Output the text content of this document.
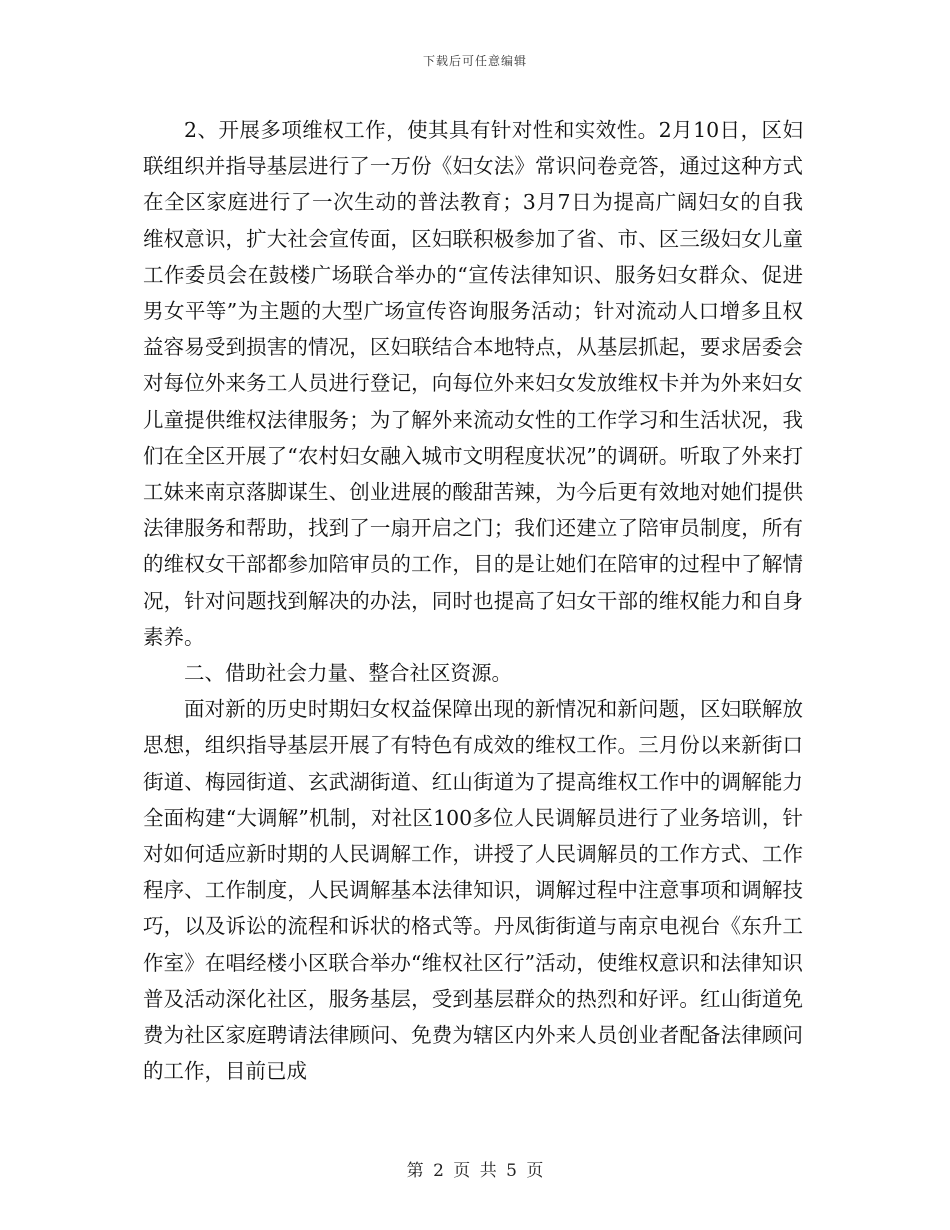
下载后可任意编辑

2、开展多项维权工作，使其具有针对性和实效性。2月10日，区妇联组织并指导基层进行了一万份《妇女法》常识问卷竞答，通过这种方式在全区家庭进行了一次生动的普法教育；3月7日为提高广阔妇女的自我维权意识，扩大社会宣传面，区妇联积极参加了省、市、区三级妇女儿童工作委员会在鼓楼广场联合举办的“宣传法律知识、服务妇女群众、促进男女平等”为主题的大型广场宣传咨询服务活动；针对流动人口增多且权益容易受到损害的情况，区妇联结合本地特点，从基层抓起，要求居委会对每位外来务工人员进行登记，向每位外来妇女发放维权卡并为外来妇女儿童提供维权法律服务；为了解外来流动女性的工作学习和生活状况，我们在全区开展了“农村妇女融入城市文明程度状况”的调研。听取了外来打工妹来南京落脚谋生、创业进展的酸甜苦辣，为今后更有效地对她们提供法律服务和帮助，找到了一扇开启之门；我们还建立了陪审员制度，所有的维权女干部都参加陪审员的工作，目的是让她们在陪审的过程中了解情况，针对问题找到解决的办法，同时也提高了妇女干部的维权能力和自身素养。

二、借助社会力量、整合社区资源。

面对新的历史时期妇女权益保障出现的新情况和新问题，区妇联解放思想，组织指导基层开展了有特色有成效的维权工作。三月份以来新街口街道、梅园街道、玄武湖街道、红山街道为了提高维权工作中的调解能力全面构建“大调解”机制，对社区100多位人民调解员进行了业务培训，针对如何适应新时期的人民调解工作，讲授了人民调解员的工作方式、工作程序、工作制度，人民调解基本法律知识，调解过程中注意事项和调解技巧，以及诉讼的流程和诉状的格式等。丹凤街街道与南京电视台《东升工作室》在唱经楼小区联合举办“维权社区行”活动，使维权意识和法律知识普及活动深化社区，服务基层，受到基层群众的热烈和好评。红山街道免费为社区家庭聘请法律顾问、免费为辖区内外来人员创业者配备法律顾问的工作，目前已成

第 2 页 共 5 页
